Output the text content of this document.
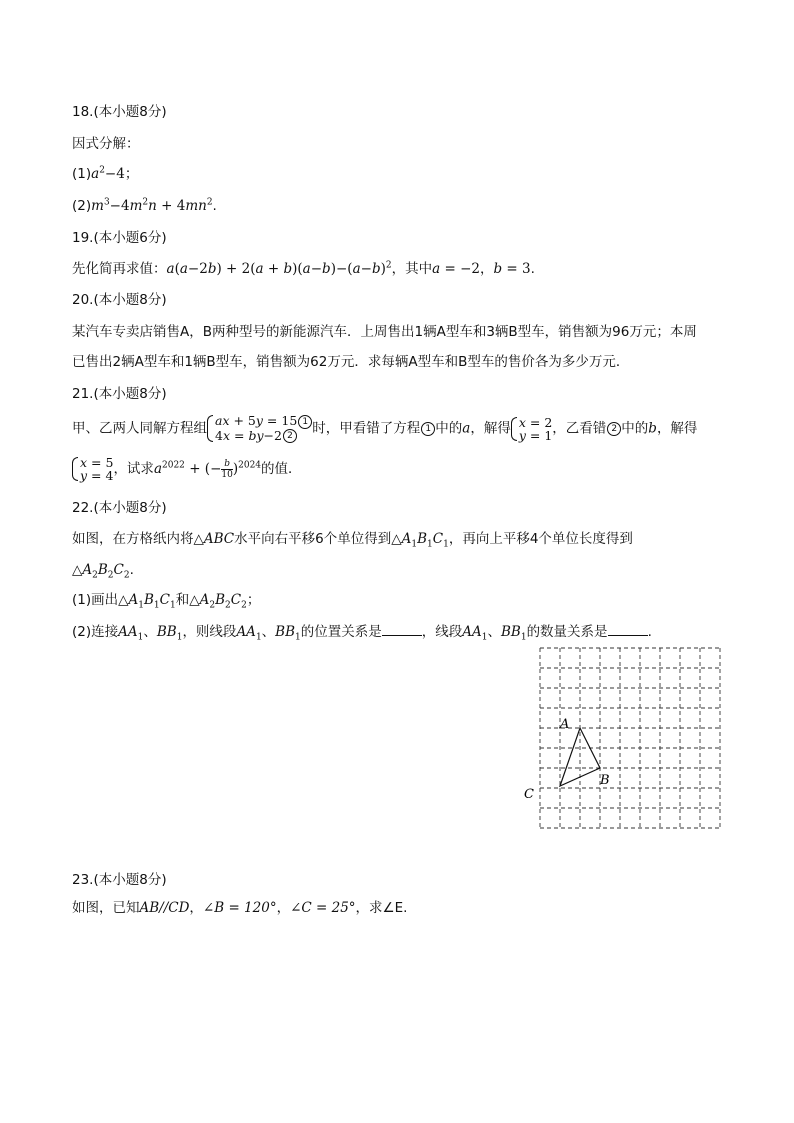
18.(本小题8分)
因式分解：
$(1)a^2-4$；
$(2)m^3-4m^2n + 4mn^2$.
19.(本小题6分)
先化简再求值：$a(a-2b) + 2(a + b)(a-b)-(a-b)^2$，其中a = −2，b = 3.
20.(本小题8分)
某汽车专卖店销售A，B两种型号的新能源汽车．上周售出1辆A型车和3辆B型车，销售额为96万元；本周
已售出2辆A型车和1辆B型车，销售额为62万元．求每辆A型车和B型车的售价各为多少万元．
21.(本小题8分)
甲、乙两人同解方程组 ax + 5y = 15 1
4x = by−2 2	时，甲看错了方程 1 中的a，解得 x = 2
y = 1 ，乙看错 2 中的b，解得
x = 5
y = 4 ，试求$a^{2022}$ + (− $\frac{b}{10} )^{2024}$的值．
22.(本小题8分)
如图，在方格纸内将△ABC水平向右平移6个单位得到$\triangle A_1B_1C_1$，再向上平移4个单位长度得到
$\triangle A_2B_2C_2$.
(1)画出$\triangle A_1B_1C_1$和$\triangle A_2B_2C_2$；
(2)连接$AA_1$、$BB_1$，则线段$AA_1$、$BB_1$的位置关系是	，线段$AA_1$、$BB_1$的数量关系是	.
A
B
C
23.(本小题8分)
如图，已知AB//CD，∠B = 120°，∠C = 25°，求∠E.
